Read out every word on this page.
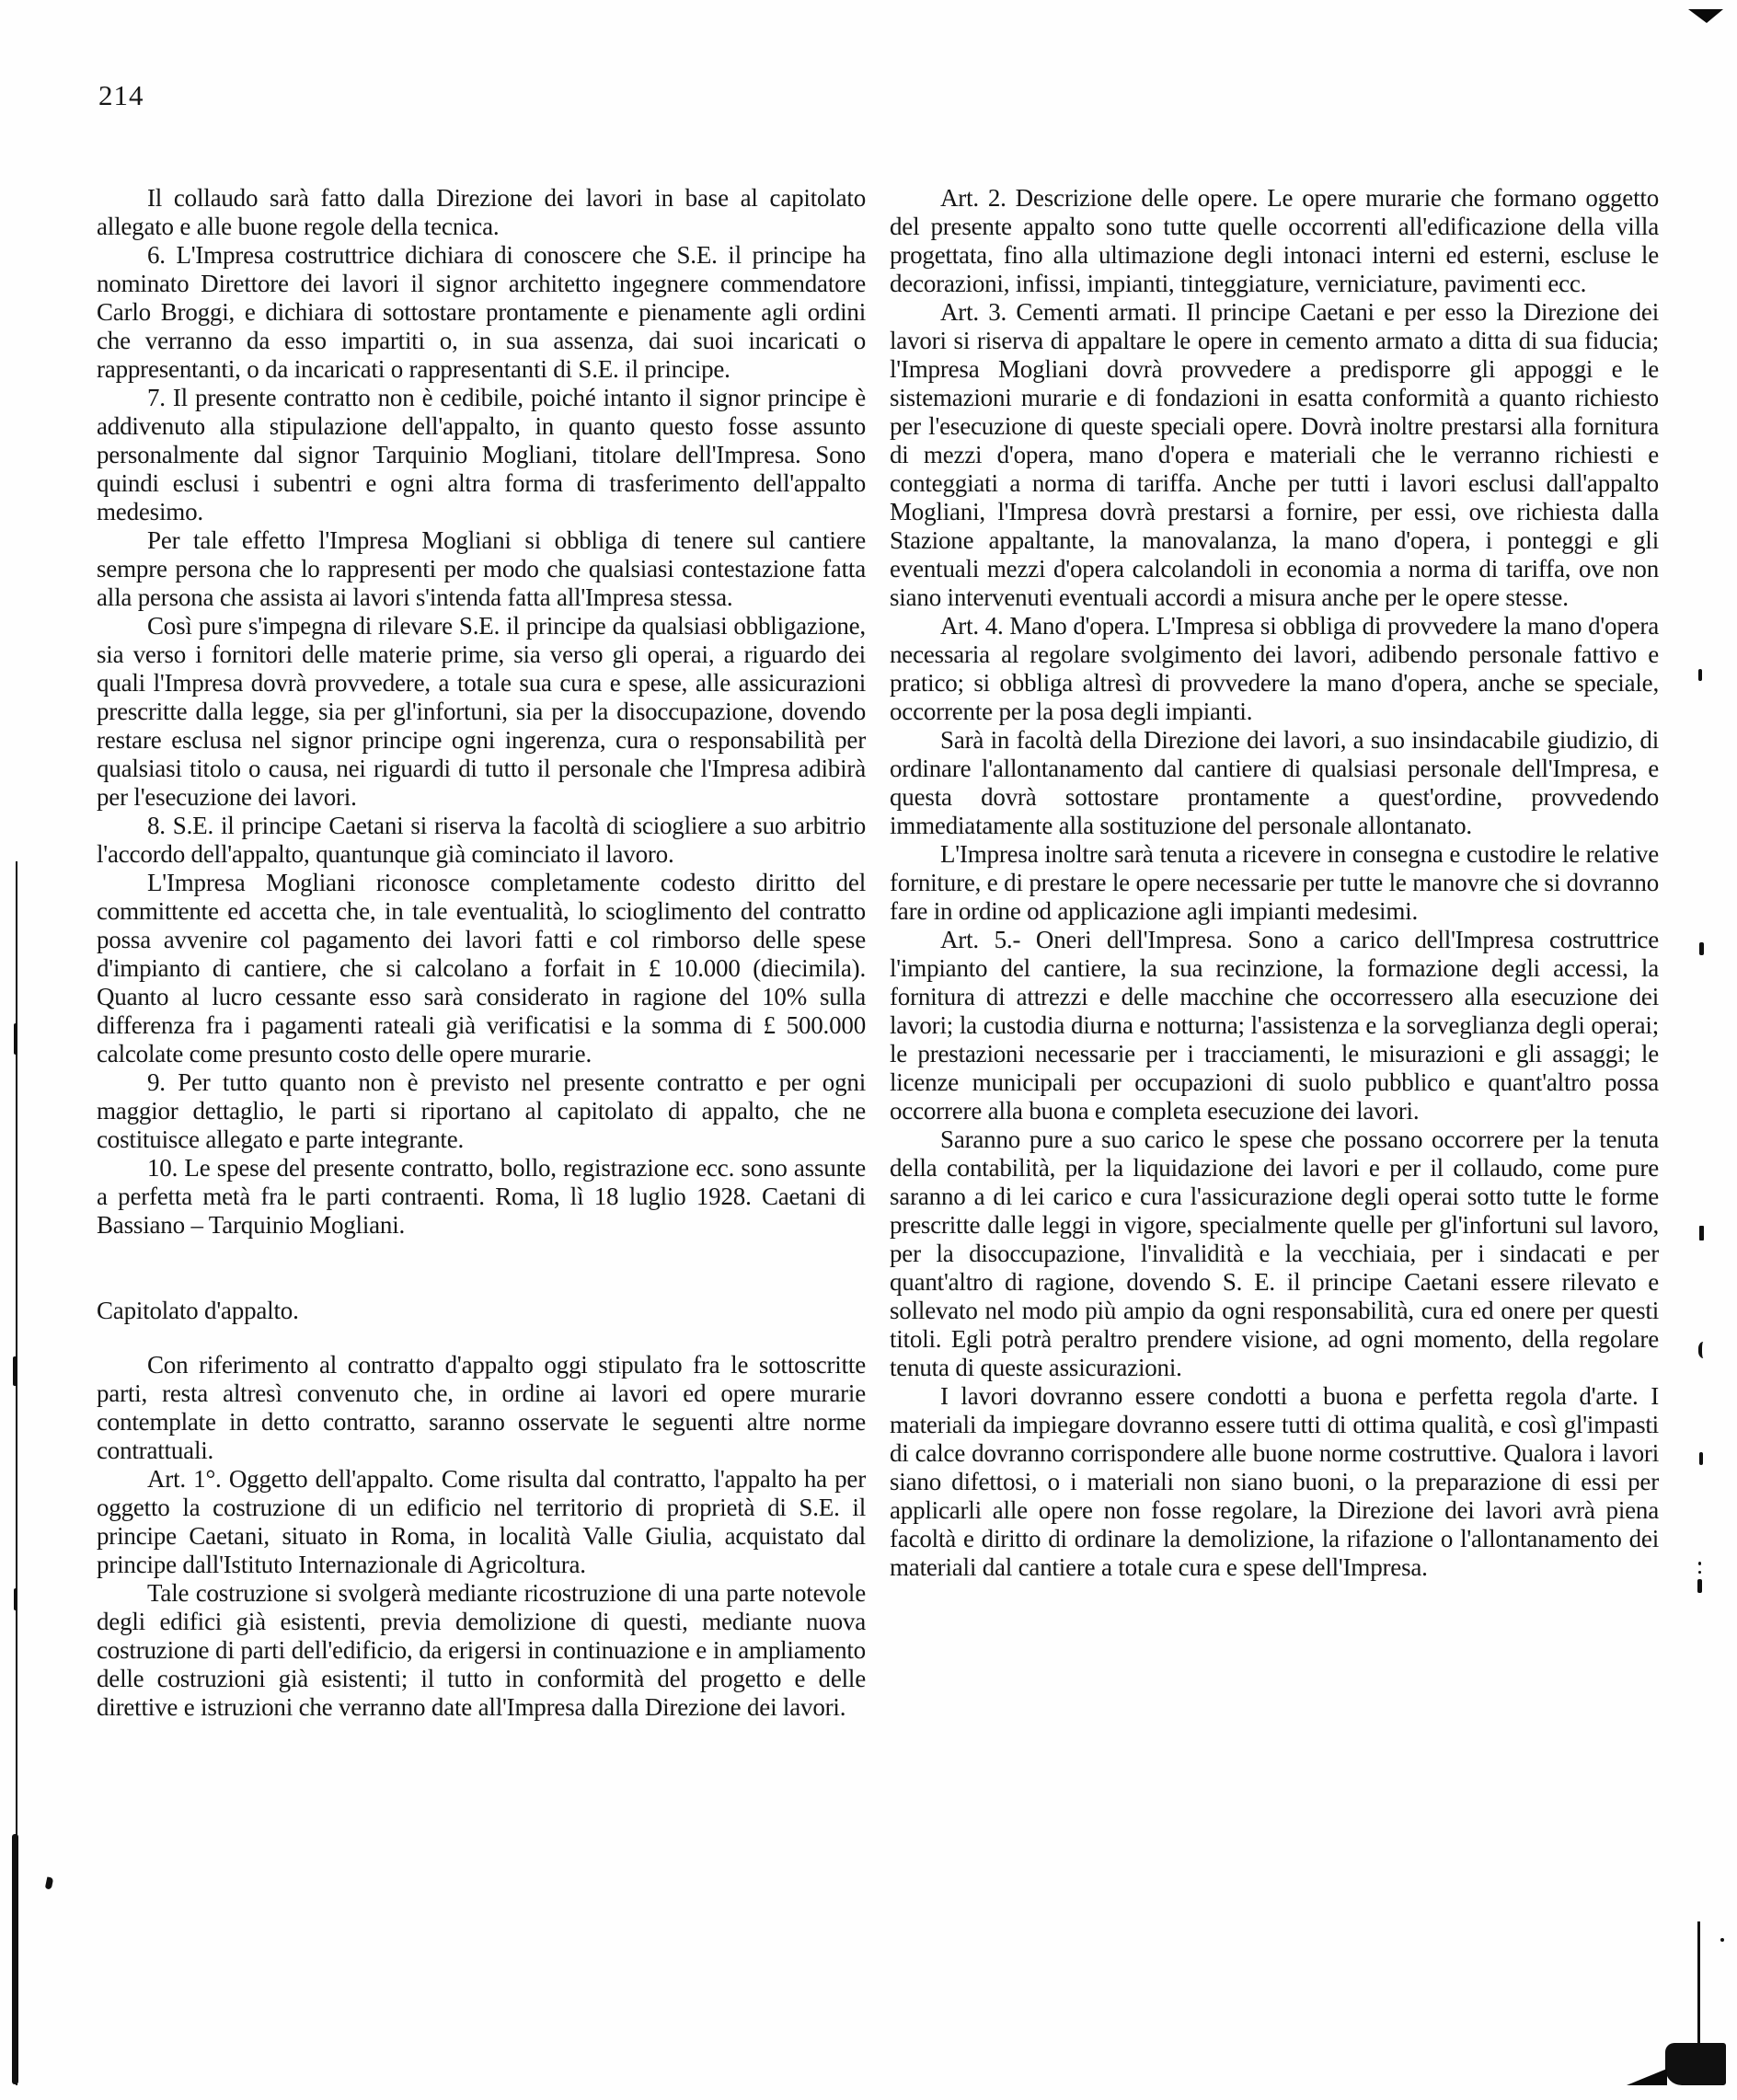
214

Il collaudo sarà fatto dalla Direzione dei lavori in base al capitolato allegato e alle buone regole della tecnica.

6. L'Impresa costruttrice dichiara di conoscere che S.E. il principe ha nominato Direttore dei lavori il signor architetto ingegnere commendatore Carlo Broggi, e dichiara di sottostare prontamente e pienamente agli ordini che verranno da esso impartiti o, in sua assenza, dai suoi incaricati o rappresentanti, o da incaricati o rappresentanti di S.E. il principe.

7. Il presente contratto non è cedibile, poiché intanto il signor principe è addivenuto alla stipulazione dell'appalto, in quanto questo fosse assunto personalmente dal signor Tarquinio Mogliani, titolare dell'Impresa. Sono quindi esclusi i subentri e ogni altra forma di trasferimento dell'appalto medesimo.

Per tale effetto l'Impresa Mogliani si obbliga di tenere sul cantiere sempre persona che lo rappresenti per modo che qualsiasi contestazione fatta alla persona che assista ai lavori s'intenda fatta all'Impresa stessa.

Così pure s'impegna di rilevare S.E. il principe da qualsiasi obbligazione, sia verso i fornitori delle materie prime, sia verso gli operai, a riguardo dei quali l'Impresa dovrà provvedere, a totale sua cura e spese, alle assicurazioni prescritte dalla legge, sia per gl'infortuni, sia per la disoccupazione, dovendo restare esclusa nel signor principe ogni ingerenza, cura o responsabilità per qualsiasi titolo o causa, nei riguardi di tutto il personale che l'Impresa adibirà per l'esecuzione dei lavori.

8. S.E. il principe Caetani si riserva la facoltà di sciogliere a suo arbitrio l'accordo dell'appalto, quantunque già cominciato il lavoro.

L'Impresa Mogliani riconosce completamente codesto diritto del committente ed accetta che, in tale eventualità, lo scioglimento del contratto possa avvenire col pagamento dei lavori fatti e col rimborso delle spese d'impianto di cantiere, che si calcolano a forfait in £ 10.000 (diecimila). Quanto al lucro cessante esso sarà considerato in ragione del 10% sulla differenza fra i pagamenti rateali già verificatisi e la somma di £ 500.000 calcolate come presunto costo delle opere murarie.

9. Per tutto quanto non è previsto nel presente contratto e per ogni maggior dettaglio, le parti si riportano al capitolato di appalto, che ne costituisce allegato e parte integrante.

10. Le spese del presente contratto, bollo, registrazione ecc. sono assunte a perfetta metà fra le parti contraenti. Roma, lì 18 luglio 1928. Caetani di Bassiano – Tarquinio Mogliani.

Capitolato d'appalto.

Con riferimento al contratto d'appalto oggi stipulato fra le sottoscritte parti, resta altresì convenuto che, in ordine ai lavori ed opere murarie contemplate in detto contratto, saranno osservate le seguenti altre norme contrattuali.

Art. 1°. Oggetto dell'appalto. Come risulta dal contratto, l'appalto ha per oggetto la costruzione di un edificio nel territorio di proprietà di S.E. il principe Caetani, situato in Roma, in località Valle Giulia, acquistato dal principe dall'Istituto Internazionale di Agricoltura.

Tale costruzione si svolgerà mediante ricostruzione di una parte notevole degli edifici già esistenti, previa demolizione di questi, mediante nuova costruzione di parti dell'edificio, da erigersi in continuazione e in ampliamento delle costruzioni già esistenti; il tutto in conformità del progetto e delle direttive e istruzioni che verranno date all'Impresa dalla Direzione dei lavori.

Art. 2. Descrizione delle opere. Le opere murarie che formano oggetto del presente appalto sono tutte quelle occorrenti all'edificazione della villa progettata, fino alla ultimazione degli intonaci interni ed esterni, escluse le decorazioni, infissi, impianti, tinteggiature, verniciature, pavimenti ecc.

Art. 3. Cementi armati. Il principe Caetani e per esso la Direzione dei lavori si riserva di appaltare le opere in cemento armato a ditta di sua fiducia; l'Impresa Mogliani dovrà provvedere a predisporre gli appoggi e le sistemazioni murarie e di fondazioni in esatta conformità a quanto richiesto per l'esecuzione di queste speciali opere. Dovrà inoltre prestarsi alla fornitura di mezzi d'opera, mano d'opera e materiali che le verranno richiesti e conteggiati a norma di tariffa. Anche per tutti i lavori esclusi dall'appalto Mogliani, l'Impresa dovrà prestarsi a fornire, per essi, ove richiesta dalla Stazione appaltante, la manovalanza, la mano d'opera, i ponteggi e gli eventuali mezzi d'opera calcolandoli in economia a norma di tariffa, ove non siano intervenuti eventuali accordi a misura anche per le opere stesse.

Art. 4. Mano d'opera. L'Impresa si obbliga di provvedere la mano d'opera necessaria al regolare svolgimento dei lavori, adibendo personale fattivo e pratico; si obbliga altresì di provvedere la mano d'opera, anche se speciale, occorrente per la posa degli impianti.

Sarà in facoltà della Direzione dei lavori, a suo insindacabile giudizio, di ordinare l'allontanamento dal cantiere di qualsiasi personale dell'Impresa, e questa dovrà sottostare prontamente a quest'ordine, provvedendo immediatamente alla sostituzione del personale allontanato.

L'Impresa inoltre sarà tenuta a ricevere in consegna e custodire le relative forniture, e di prestare le opere necessarie per tutte le manovre che si dovranno fare in ordine od applicazione agli impianti medesimi.

Art. 5.- Oneri dell'Impresa. Sono a carico dell'Impresa costruttrice l'impianto del cantiere, la sua recinzione, la formazione degli accessi, la fornitura di attrezzi e delle macchine che occorressero alla esecuzione dei lavori; la custodia diurna e notturna; l'assistenza e la sorveglianza degli operai; le prestazioni necessarie per i tracciamenti, le misurazioni e gli assaggi; le licenze municipali per occupazioni di suolo pubblico e quant'altro possa occorrere alla buona e completa esecuzione dei lavori.

Saranno pure a suo carico le spese che possano occorrere per la tenuta della contabilità, per la liquidazione dei lavori e per il collaudo, come pure saranno a di lei carico e cura l'assicurazione degli operai sotto tutte le forme prescritte dalle leggi in vigore, specialmente quelle per gl'infortuni sul lavoro, per la disoccupazione, l'invalidità e la vecchiaia, per i sindacati e per quant'altro di ragione, dovendo S. E. il principe Caetani essere rilevato e sollevato nel modo più ampio da ogni responsabilità, cura ed onere per questi titoli. Egli potrà peraltro prendere visione, ad ogni momento, della regolare tenuta di queste assicurazioni.

I lavori dovranno essere condotti a buona e perfetta regola d'arte. I materiali da impiegare dovranno essere tutti di ottima qualità, e così gl'impasti di calce dovranno corrispondere alle buone norme costruttive. Qualora i lavori siano difettosi, o i materiali non siano buoni, o la preparazione di essi per applicarli alle opere non fosse regolare, la Direzione dei lavori avrà piena facoltà e diritto di ordinare la demolizione, la rifazione o l'allontanamento dei materiali dal cantiere a totale cura e spese dell'Impresa.
